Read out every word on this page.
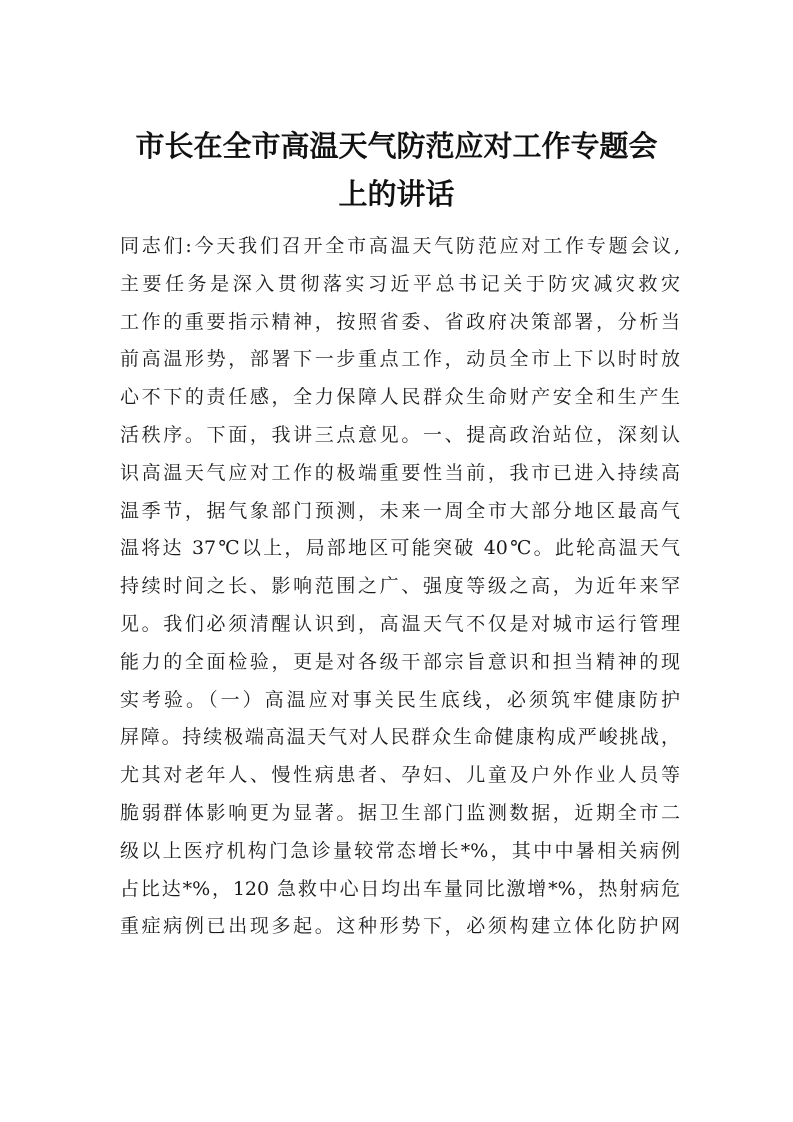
市长在全市高温天气防范应对工作专题会
上的讲话
同志们:今天我们召开全市高温天气防范应对工作专题会议,
主要任务是深入贯彻落实习近平总书记关于防灾减灾救灾
工作的重要指示精神，按照省委、省政府决策部署，分析当
前高温形势，部署下一步重点工作，动员全市上下以时时放
心不下的责任感，全力保障人民群众生命财产安全和生产生
活秩序。下面，我讲三点意见。一、提高政治站位，深刻认
识高温天气应对工作的极端重要性当前，我市已进入持续高
温季节，据气象部门预测，未来一周全市大部分地区最高气
温将达 37℃以上，局部地区可能突破 40℃。此轮高温天气
持续时间之长、影响范围之广、强度等级之高，为近年来罕
见。我们必须清醒认识到，高温天气不仅是对城市运行管理
能力的全面检验，更是对各级干部宗旨意识和担当精神的现
实考验。（一）高温应对事关民生底线，必须筑牢健康防护
屏障。持续极端高温天气对人民群众生命健康构成严峻挑战，
尤其对老年人、慢性病患者、孕妇、儿童及户外作业人员等
脆弱群体影响更为显著。据卫生部门监测数据，近期全市二
级以上医疗机构门急诊量较常态增长*%，其中中暑相关病例
占比达*%，120 急救中心日均出车量同比激增*%，热射病危
重症病例已出现多起。这种形势下，必须构建立体化防护网
